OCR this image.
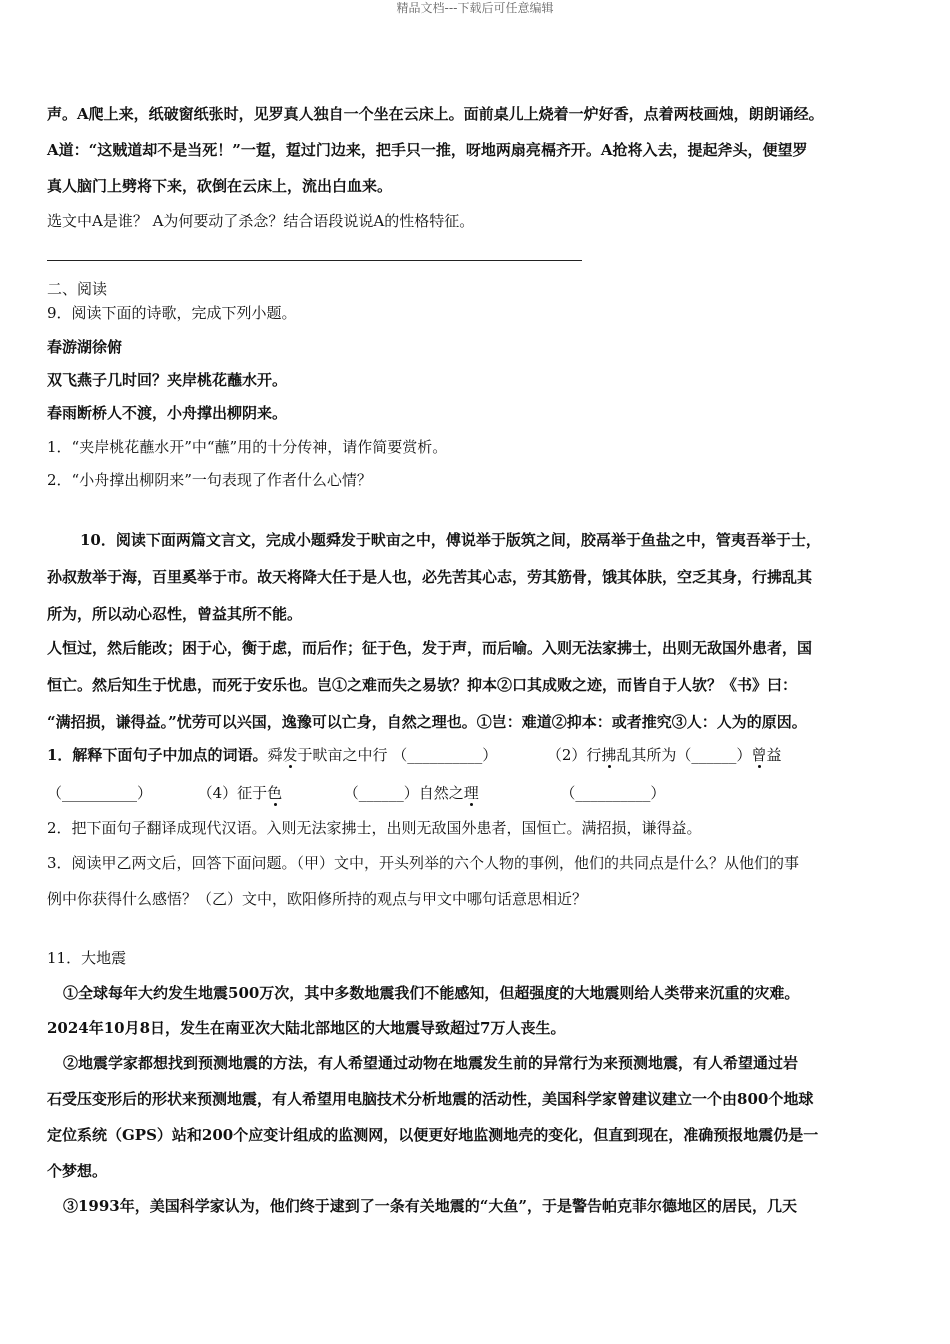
精品文档---下载后可任意编辑
声。A爬上来，纸破窗纸张时，见罗真人独自一个坐在云床上。面前桌儿上烧着一炉好香，点着两枝画烛，朗朗诵经。
A道：“这贼道却不是当死！”一踅，踅过门边来，把手只一推，呀地两扇亮槅齐开。A抢将入去，提起斧头，便望罗
真人脑门上劈将下来，砍倒在云床上，流出白血来。
选文中A是谁？ A为何要动了杀念？结合语段说说A的性格特征。
二、阅读
9．阅读下面的诗歌，完成下列小题。
春游湖徐俯
双飞燕子几时回？夹岸桃花蘸水开。
春雨断桥人不渡，小舟撑出柳阴来。
1．“夹岸桃花蘸水开”中“蘸”用的十分传神，请作简要赏析。
2．“小舟撑出柳阴来”一句表现了作者什么心情？
10．阅读下面两篇文言文，完成小题舜发于畎亩之中，傅说举于版筑之间，胶鬲举于鱼盐之中，管夷吾举于士，
孙叔敖举于海，百里奚举于市。故天将降大任于是人也，必先苦其心志，劳其筋骨，饿其体肤，空乏其身，行拂乱其
所为，所以动心忍性，曾益其所不能。
人恒过，然后能改；困于心，衡于虑，而后作；征于色，发于声，而后喻。入则无法家拂士，出则无敌国外患者，国
恒亡。然后知生于忧患，而死于安乐也。岂①之难而失之易欤？抑本②口其成败之迹，而皆自于人欤？《书》曰：
“满招损，谦得益。”忧劳可以兴国，逸豫可以亡身，自然之理也。①岂：难道②抑本：或者推究③人：人为的原因。
1．解释下面句子中加点的词语。舜发于畎亩之中行 （__________）	（2）行拂乱其所为（______）曾益
（__________）	（4）征于色	（______）自然之理	（__________）
2．把下面句子翻译成现代汉语。入则无法家拂士，出则无敌国外患者，国恒亡。满招损，谦得益。
3．阅读甲乙两文后，回答下面问题。（甲）文中，开头列举的六个人物的事例，他们的共同点是什么？从他们的事
例中你获得什么感悟？（乙）文中，欧阳修所持的观点与甲文中哪句话意思相近？
11．大地震
①全球每年大约发生地震500万次，其中多数地震我们不能感知，但超强度的大地震则给人类带来沉重的灾难。
2024年10月8日，发生在南亚次大陆北部地区的大地震导致超过7万人丧生。
②地震学家都想找到预测地震的方法，有人希望通过动物在地震发生前的异常行为来预测地震，有人希望通过岩
石受压变形后的形状来预测地震，有人希望用电脑技术分析地震的活动性，美国科学家曾建议建立一个由800个地球
定位系统（GPS）站和200个应变计组成的监测网，以便更好地监测地壳的变化，但直到现在，准确预报地震仍是一
个梦想。
③1993年，美国科学家认为，他们终于逮到了一条有关地震的“大鱼”，于是警告帕克菲尔德地区的居民，几天
